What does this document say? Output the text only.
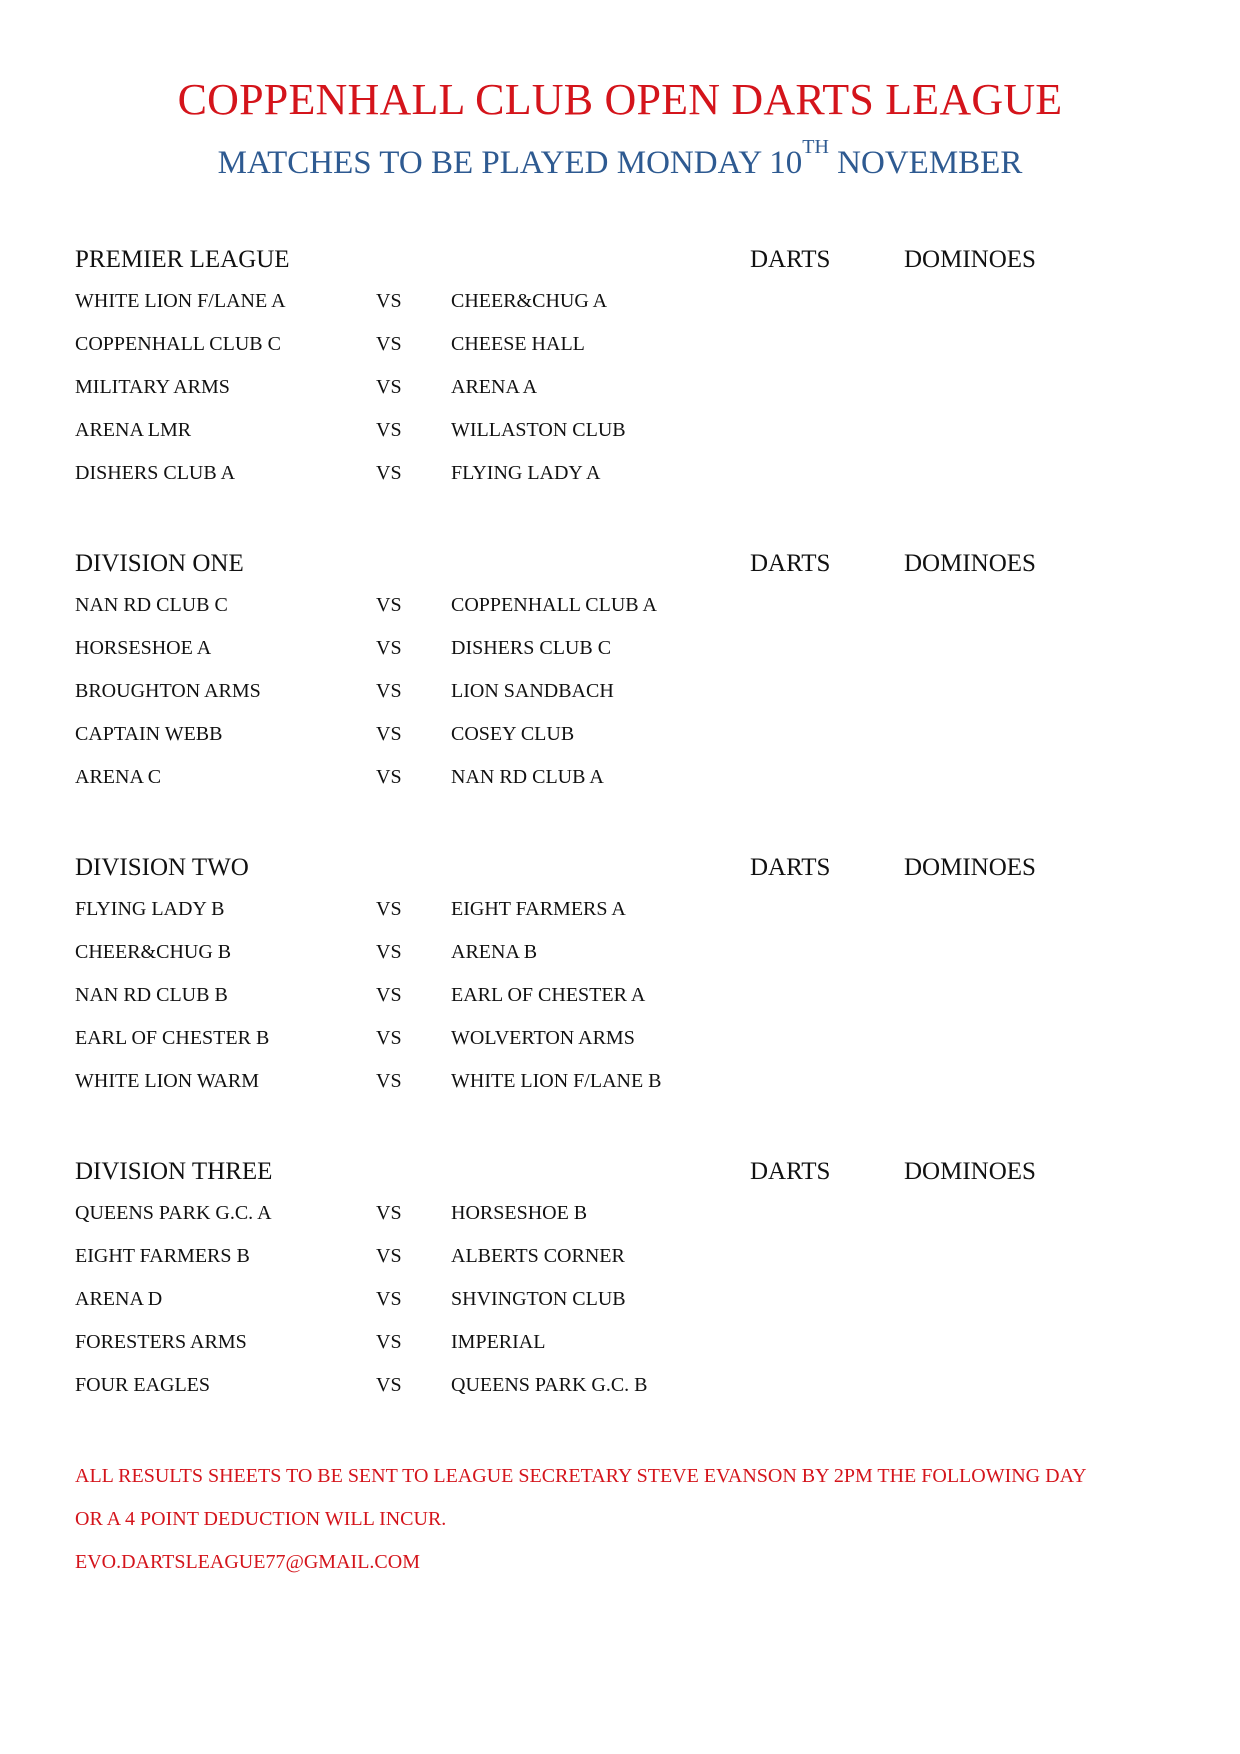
COPPENHALL CLUB OPEN DARTS LEAGUE
MATCHES TO BE PLAYED MONDAY 10TH NOVEMBER
PREMIER LEAGUE	DARTS	DOMINOES
WHITE LION F/LANE A	VS CHEER&CHUG A
COPPENHALL CLUB C	VS CHEESE HALL
MILITARY ARMS	VS ARENA A
ARENA LMR	VS WILLASTON CLUB
DISHERS CLUB A	VS FLYING LADY A
DIVISION ONE	DARTS	DOMINOES
NAN RD CLUB C	VS COPPENHALL CLUB A
HORSESHOE A	VS DISHERS CLUB C
BROUGHTON ARMS	VS LION SANDBACH
CAPTAIN WEBB	VS COSEY CLUB
ARENA C	VS NAN RD CLUB A
DIVISION TWO	DARTS	DOMINOES
FLYING LADY B	VS EIGHT FARMERS A
CHEER&CHUG B	VS ARENA B
NAN RD CLUB B	VS EARL OF CHESTER A
EARL OF CHESTER B	VS WOLVERTON ARMS
WHITE LION WARM	VS WHITE LION F/LANE B
DIVISION THREE	DARTS	DOMINOES
QUEENS PARK G.C. A	VS HORSESHOE B
EIGHT FARMERS B	VS ALBERTS CORNER
ARENA D	VS SHVINGTON CLUB
FORESTERS ARMS	VS IMPERIAL
FOUR EAGLES	VS QUEENS PARK G.C. B
ALL RESULTS SHEETS TO BE SENT TO LEAGUE SECRETARY STEVE EVANSON BY 2PM THE FOLLOWING DAY
OR A 4 POINT DEDUCTION WILL INCUR.
EVO.DARTSLEAGUE77@GMAIL.COM
